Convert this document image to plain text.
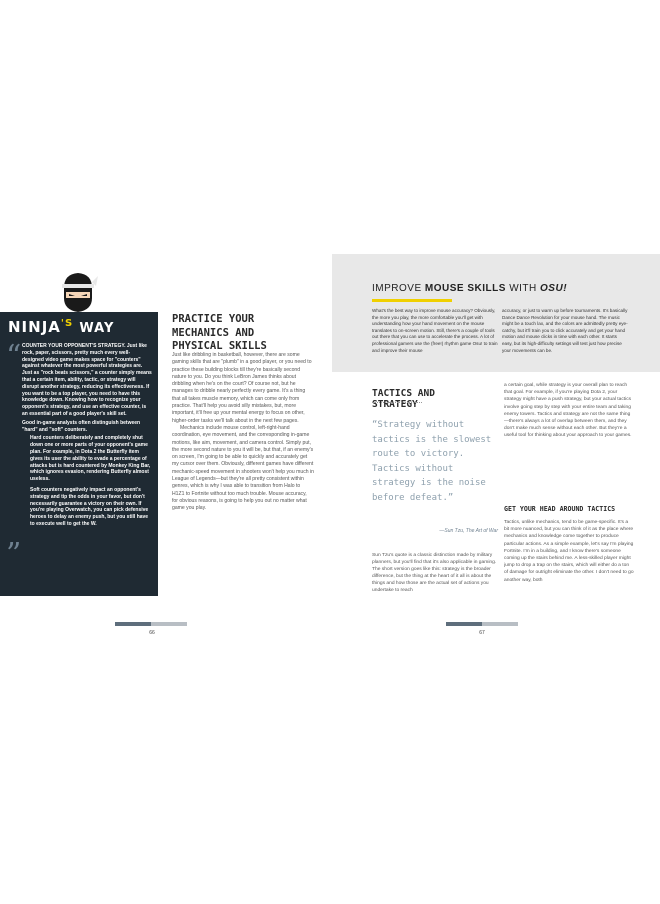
$NINJA^{'S}$ WAY
“
”

COUNTER YOUR OPPONENT'S STRATEGY. Just like rock, paper, scissors, pretty much every well-designed video game makes space for "counters" against whatever the most powerful strategies are. Just as "rock beats scissors," a counter simply means that a certain item, ability, tactic, or strategy will disrupt another strategy, reducing its effectiveness. If you want to be a top player, you need to have this knowledge down. Knowing how to recognize your opponent's strategy, and use an effective counter, is an essential part of a good player's skill set.

Good in-game analysts often distinguish between "hard" and "soft" counters.

• Hard counters deliberately and completely shut down one or more parts of your opponent's game plan. For example, in Dota 2 the Butterfly item gives its user the ability to evade a percentage of attacks but is hard countered by Monkey King Bar, which ignores evasion, rendering Butterfly almost useless.
• Soft counters negatively impact an opponent's strategy and tip the odds in your favor, but don't necessarily guarantee a victory on their own. If you're playing Overwatch, you can pick defensive heroes to delay an enemy push, but you still have to execute well to get the W.
PRACTICE YOUR
MECHANICS AND
PHYSICAL SKILLS

Just like dribbling in basketball, however, there are some gaming skills that are "plumb" in a good player, or you need to practice these building blocks till they're basically second nature to you. Do you think LeBron James thinks about dribbling when he's on the court? Of course not, but he manages to dribble nearly perfectly every game. It's a thing that all takes muscle memory, which can come only from practice. That'll help you avoid silly mistakes, but, more important, it'll free up your mental energy to focus on other, higher-order tasks we'll talk about in the next few pages.

Mechanics include mouse control, left-right-hand coordination, eye movement, and the corresponding in-game motions, like aim, movement, and camera control. Simply put, the more second nature to you it will be, but that, if an enemy's on screen, I'm going to be able to quickly and accurately get my cursor over them. Obviously, different games have different mechanic-speed movement in shooters won't help you much in League of Legends—but they're all pretty consistent within genres, which is why I was able to transition from Halo to H1Z1 to Fortnite without too much trouble. Mouse accuracy, for obvious reasons, is going to help you out no matter what game you play.

66
IMPROVE MOUSE SKILLS WITH OSU!
What's the best way to improve mouse accuracy? Obviously, the more you play, the more comfortable you'll get with understanding how your hand movement on the mouse translates to on-screen motion. Still, there's a couple of tools out there that you can use to accelerate the process. A lot of professional gamers use the (free!) rhythm game Osu! to train and improve their mouse
accuracy, or just to warm up before tournaments. It's basically Dance Dance Revolution for your mouse hand. The music might be a touch lax, and the colors are admittedly pretty eye-catchy, but it'll train you to click accurately and get your hand motion and mouse clicks in time with each other. It starts easy, but its high-difficulty settings will test just how precise your movements can be.
TACTICS AND STRATEGY
“Strategy without tactics is the slowest route to victory. Tactics without strategy is the noise before defeat.”
—Sun Tzu, The Art of War
Sun Tzu's quote is a classic distinction made by military planners, but you'll find that it's also applicable in gaming. The short version goes like this: strategy is the broader difference, but the thing at the heart of it all is about the things and how those are the actual set of actions you undertake to reach
a certain goal, while strategy is your overall plan to reach that goal. For example, if you're playing Dota 2, your strategy might have a push strategy, but your actual tactics involve going step by step with your entire team and taking enemy towers. Tactics and strategy are not the same thing—there's always a lot of overlap between them, and they don't make much sense without each other. But they're a useful tool for thinking about your approach to your games.
GET YOUR HEAD AROUND TACTICS
Tactics, unlike mechanics, tend to be game-specific. It's a bit more nuanced, but you can think of it as the place where mechanics and knowledge come together to produce particular actions. As a simple example, let's say I'm playing Fortnite. I'm in a building, and I know there's someone coming up the stairs behind me. A less-skilled player might jump to drop a trap on the stairs, which will either do a ton of damage for outright eliminate the other. I don't need to go another way, both
67
